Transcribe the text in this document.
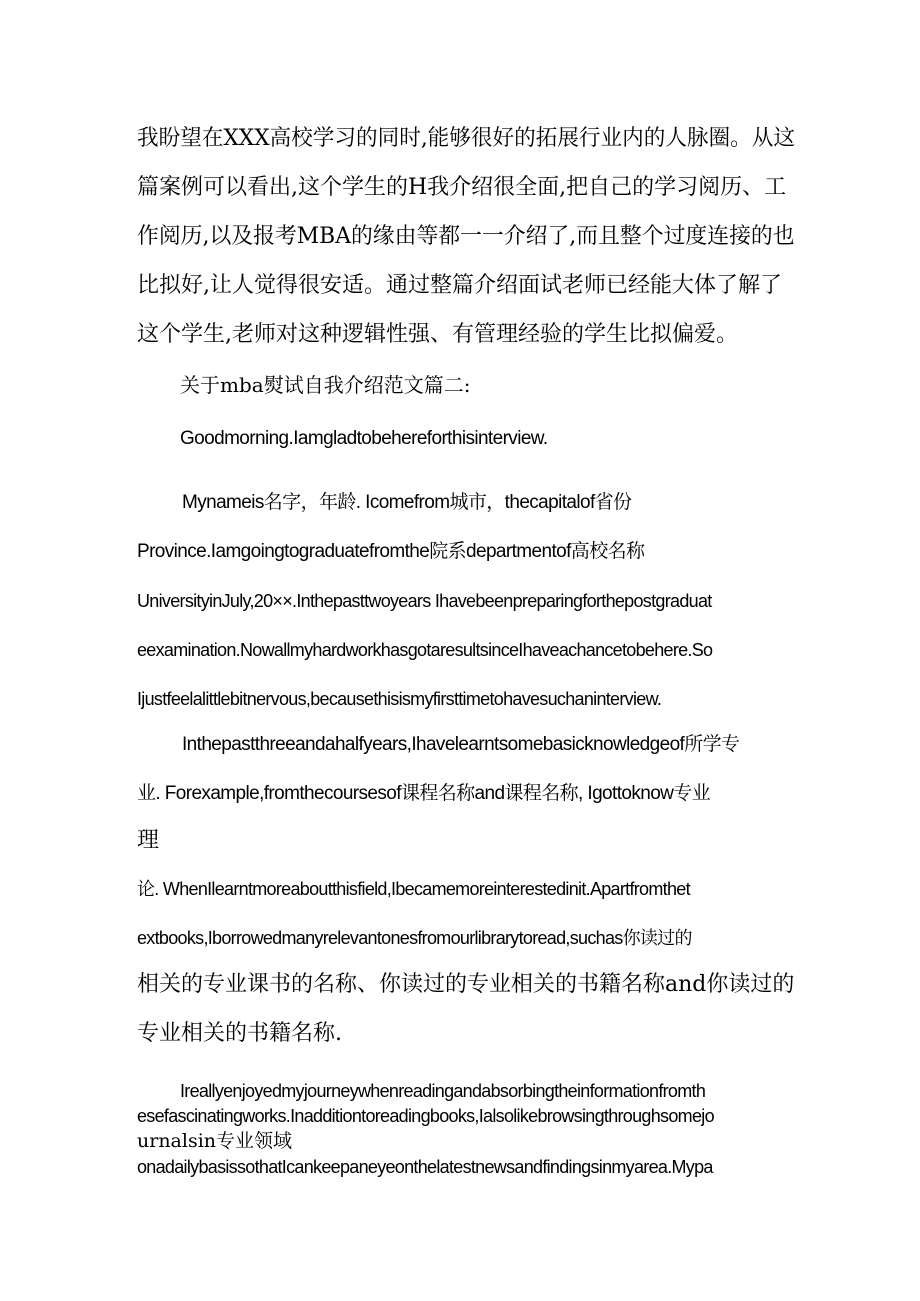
我盼望在XXX高校学习的同时,能够很好的拓展行业内的人脉圈。从这
篇案例可以看出,这个学生的H我介绍很全面,把自己的学习阅历、工
作阅历,以及报考MBA的缘由等都一一介绍了,而且整个过度连接的也
比拟好,让人觉得很安适。通过整篇介绍面试老师已经能大体了解了
这个学生,老师对这种逻辑性强、有管理经验的学生比拟偏爱。
关于mba熨试自我介绍范文篇二:
Goodmorning.Iamgladtobehereforthisinterview.
Mynameis名字，年龄. Icomefrom城市，thecapitalof省份
Province.Iamgoingtograduatefromthe院系departmentof高校名称
UniversityinJuly,20××.Inthepasttwoyears Ihavebeenpreparingforthepostgraduat
eexamination.NowallmyhardworkhasgotaresultsinceIhaveachancetobehere.So
Ijustfeelalittlebitnervous,becausethisismyfirsttimetohavesuchaninterview.
Inthepastthreeandahalfyears,Ihavelearntsomebasicknowledgeof所学专
业. Forexample,fromthecoursesof课程名称and课程名称, Igottoknow专业
理
论. WhenIlearntmoreaboutthisfield,Ibecamemoreinterestedinit.Apartfromthet
extbooks,Iborrowedmanyrelevantonesfromourlibrarytoread,suchas你读过的
相关的专业课书的名称、你读过的专业相关的书籍名称and你读过的
专业相关的书籍名称.
Ireallyenjoyedmyjourneywhenreadingandabsorbingtheinformationfromth
esefascinatingworks.Inadditiontoreadingbooks,Ialsolikebrowsingthroughsomejo
urnalsin专业领域
onadailybasissothatIcankeepaneyeonthelatestnewsandfindingsinmyarea.Mypa
